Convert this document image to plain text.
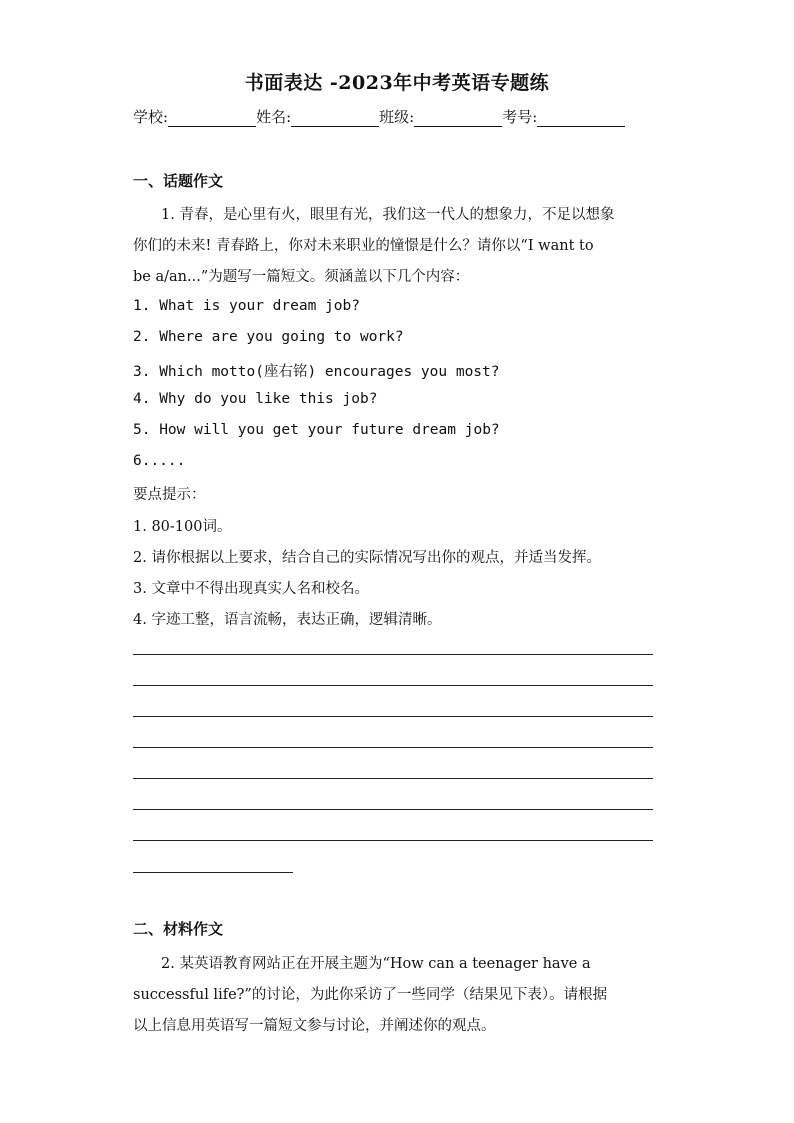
书面表达 -2023年中考英语专题练
学校:	姓名:	班级:	考号:
一、话题作文
1. 青春，是心里有火，眼里有光，我们这一代人的想象力，不足以想象
你们的未来! 青春路上，你对未来职业的憧憬是什么？请你以“I want to
be a/an...”为题写一篇短文。须涵盖以下几个内容：
1. What is your dream job?
2. Where are you going to work?
3. Which motto(座右铭) encourages you most?
4. Why do you like this job?
5. How will you get your future dream job?
6.....
要点提示：
1. 80-100词。
2. 请你根据以上要求，结合自己的实际情况写出你的观点，并适当发挥。
3. 文章中不得出现真实人名和校名。
4. 字迹工整，语言流畅，表达正确，逻辑清晰。
二、材料作文
2. 某英语教育网站正在开展主题为“How can a teenager have a
successful life?”的讨论，为此你采访了一些同学（结果见下表）。请根据
以上信息用英语写一篇短文参与讨论，并阐述你的观点。
